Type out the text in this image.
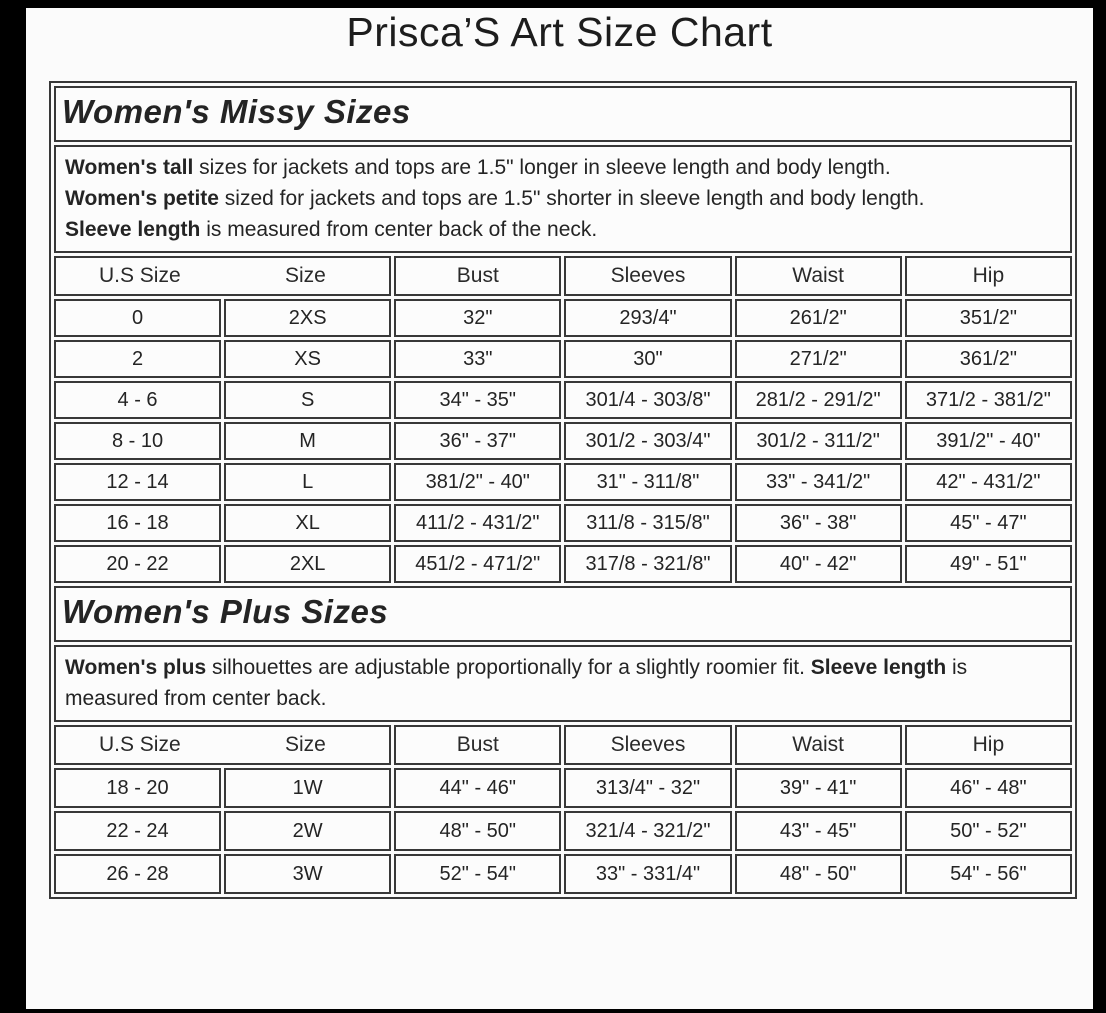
Prisca’S Art Size Chart
Women's Missy Sizes					

Women's tall sizes for jackets and tops are 1.5" longer in sleeve length and body length.
Women's petite sized for jackets and tops are 1.5" shorter in sleeve length and body length.
Sleeve length is measured from center back of the neck.					

U.S Size Size		Bust	Sleeves	Waist	Hip
0	2XS	32"	293/4"	261/2"	351/2"
2	XS	33"	30"	271/2"	361/2"
4 - 6	S	34" - 35"	301/4 - 303/8"	281/2 - 291/2"	371/2 - 381/2"
8 - 10	M	36" - 37"	301/2 - 303/4"	301/2 - 311/2"	391/2" - 40"
12 - 14	L	381/2" - 40"	31" - 311/8"	33" - 341/2"	42" - 431/2"
16 - 18	XL	411/2 - 431/2"	311/8 - 315/8"	36" - 38"	45" - 47"
20 - 22	2XL	451/2 - 471/2"	317/8 - 321/8"	40" - 42"	49" - 51"
Women's Plus Sizes					
Women's plus silhouettes are adjustable proportionally for a slightly roomier fit. Sleeve length is measured from center back.					

U.S Size Size		Bust	Sleeves	Waist	Hip
18 - 20	1W	44" - 46"	313/4" - 32"	39" - 41"	46" - 48"
22 - 24	2W	48" - 50"	321/4 - 321/2"	43" - 45"	50" - 52"
26 - 28	3W	52" - 54"	33" - 331/4"	48" - 50"	54" - 56"
